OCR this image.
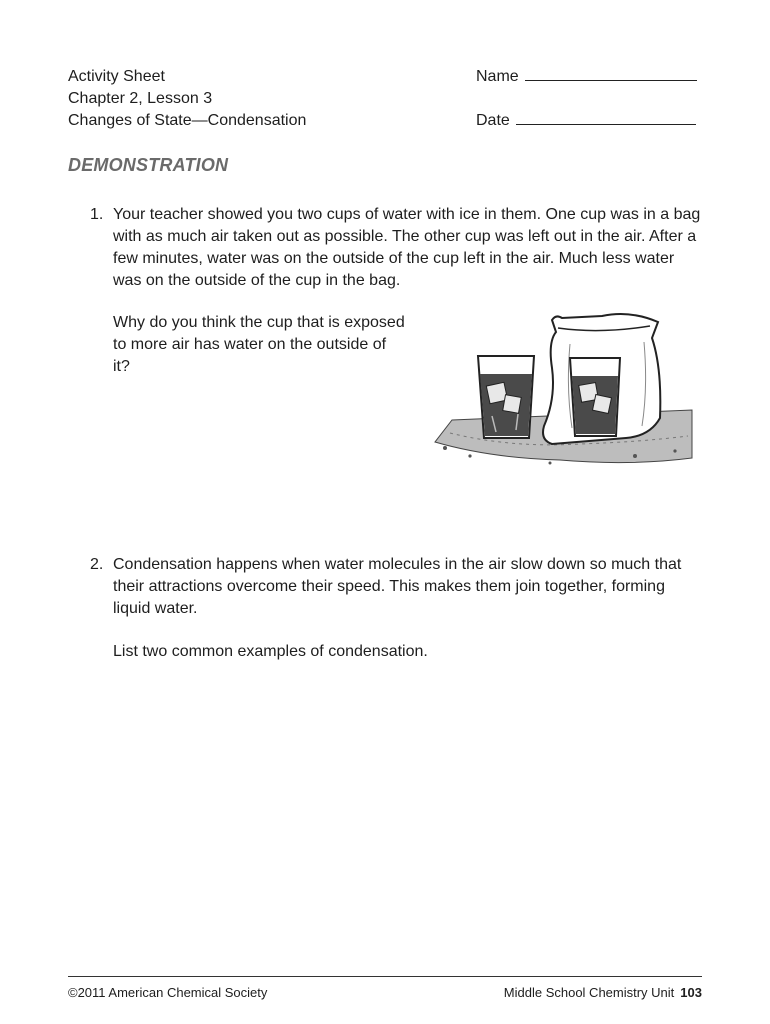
Activity Sheet
Chapter 2, Lesson 3
Changes of State—Condensation
Name
Date
DEMONSTRATION
1. Your teacher showed you two cups of water with ice in them. One cup was in a bag with as much air taken out as possible. The other cup was left out in the air. After a few minutes, water was on the outside of the cup left in the air. Much less water was on the outside of the cup in the bag.
Why do you think the cup that is exposed to more air has water on the outside of it?
2. Condensation happens when water molecules in the air slow down so much that their attractions overcome their speed. This makes them join together, forming liquid water.
List two common examples of condensation.
©2011 American Chemical Society	Middle School Chemistry Unit 103
